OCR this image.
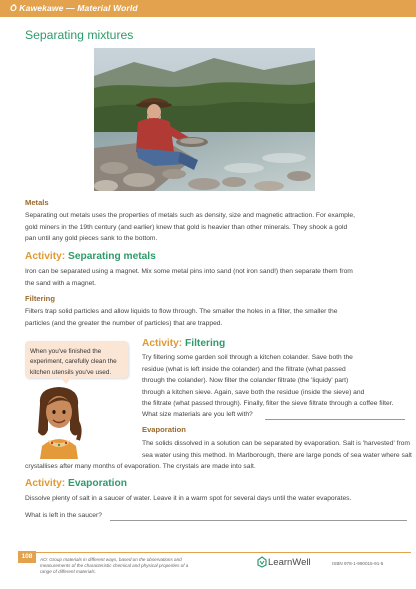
Ō Kawekawe — Material World
Separating mixtures
Metals
Separating out metals uses the properties of metals such as density, size and magnetic attraction. For example,
gold miners in the 19th century (and earlier) knew that gold is heavier than other minerals. They shook a gold
pan until any gold pieces sank to the bottom.
Activity: Separating metals
Iron can be separated using a magnet. Mix some metal pins into sand (not iron sand!) then separate them from
the sand with a magnet.
Filtering
Filters trap solid particles and allow liquids to flow through. The smaller the holes in a filter, the smaller the
particles (and the greater the number of particles) that are trapped.
When you've finished the
experiment, carefully clean the
kitchen utensils you've used.
Activity: Filtering
Try filtering some garden soil through a kitchen colander. Save both the
residue (what is left inside the colander) and the filtrate (what passed
through the colander). Now filter the colander filtrate (the 'liquidy' part)
through a kitchen sieve. Again, save both the residue (inside the sieve) and
the filtrate (what passed through). Finally, filter the sieve filtrate through a coffee filter.
What size materials are you left with?
Evaporation
The solids dissolved in a solution can be separated by evaporation. Salt is 'harvested' from
sea water using this method. In Marlborough, there are large ponds of sea water where salt
crystallises after many months of evaporation. The crystals are made into salt.
Activity: Evaporation
Dissolve plenty of salt in a saucer of water. Leave it in a warm spot for several days until the water evaporates.
What is left in the saucer?
108	AO: Group materials in different ways, based on the observations and measurements of the characteristic chemical and physical properties of a range of different materials.
LearnWell	ISBN 978-1-990015-91-5
